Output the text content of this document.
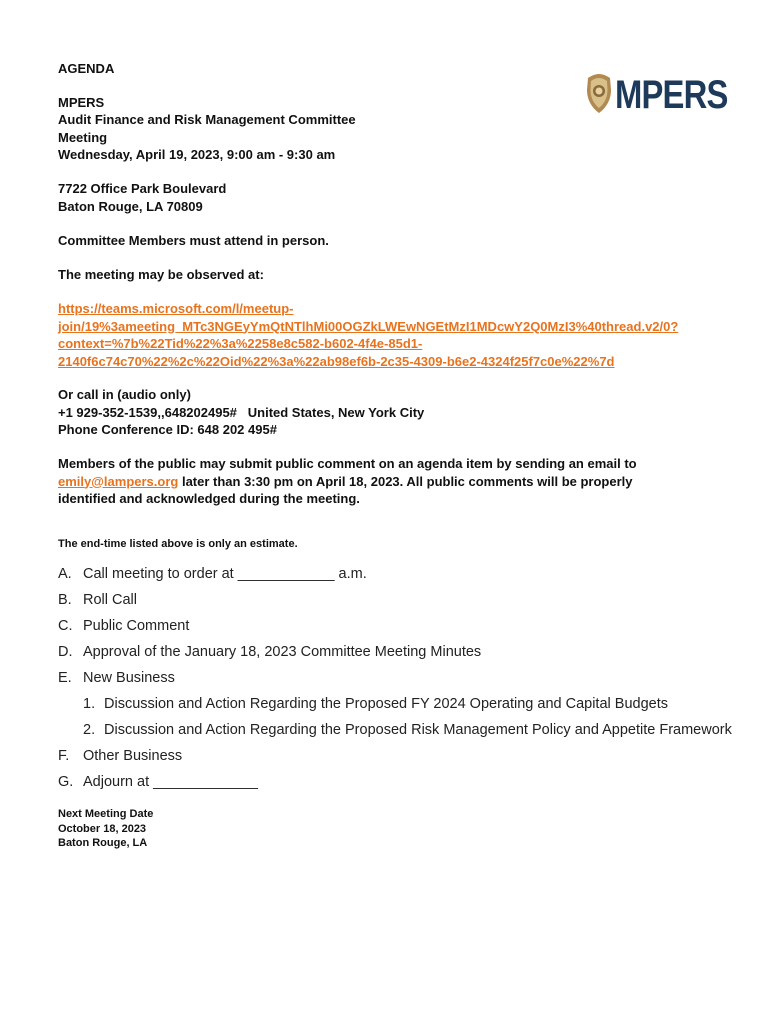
MPERS
AGENDA
MPERS
Audit Finance and Risk Management Committee
Meeting
Wednesday, April 19, 2023, 9:00 am - 9:30 am
7722 Office Park Boulevard
Baton Rouge, LA 70809
Committee Members must attend in person.
The meeting may be observed at:
https://teams.microsoft.com/l/meetup-
join/19%3ameeting_MTc3NGEyYmQtNTlhMi00OGZkLWEwNGEtMzI1MDcwY2Q0MzI3%40thread.v2/0?
context=%7b%22Tid%22%3a%2258e8c582-b602-4f4e-85d1-
2140f6c74c70%22%2c%22Oid%22%3a%22ab98ef6b-2c35-4309-b6e2-4324f25f7c0e%22%7d
Or call in (audio only)
+1 929-352-1539,,648202495#   United States, New York City
Phone Conference ID: 648 202 495#
Members of the public may submit public comment on an agenda item by sending an email to
emily@lampers.org later than 3:30 pm on April 18, 2023. All public comments will be properly
identified and acknowledged during the meeting.
The end-time listed above is only an estimate.
A. Call meeting to order at ____________ a.m.
B. Roll Call
C. Public Comment
D. Approval of the January 18, 2023 Committee Meeting Minutes
E. New Business
1. Discussion and Action Regarding the Proposed FY 2024 Operating and Capital Budgets
2. Discussion and Action Regarding the Proposed Risk Management Policy and Appetite Framework
F. Other Business
G. Adjourn at _____________
Next Meeting Date
October 18, 2023
Baton Rouge, LA
